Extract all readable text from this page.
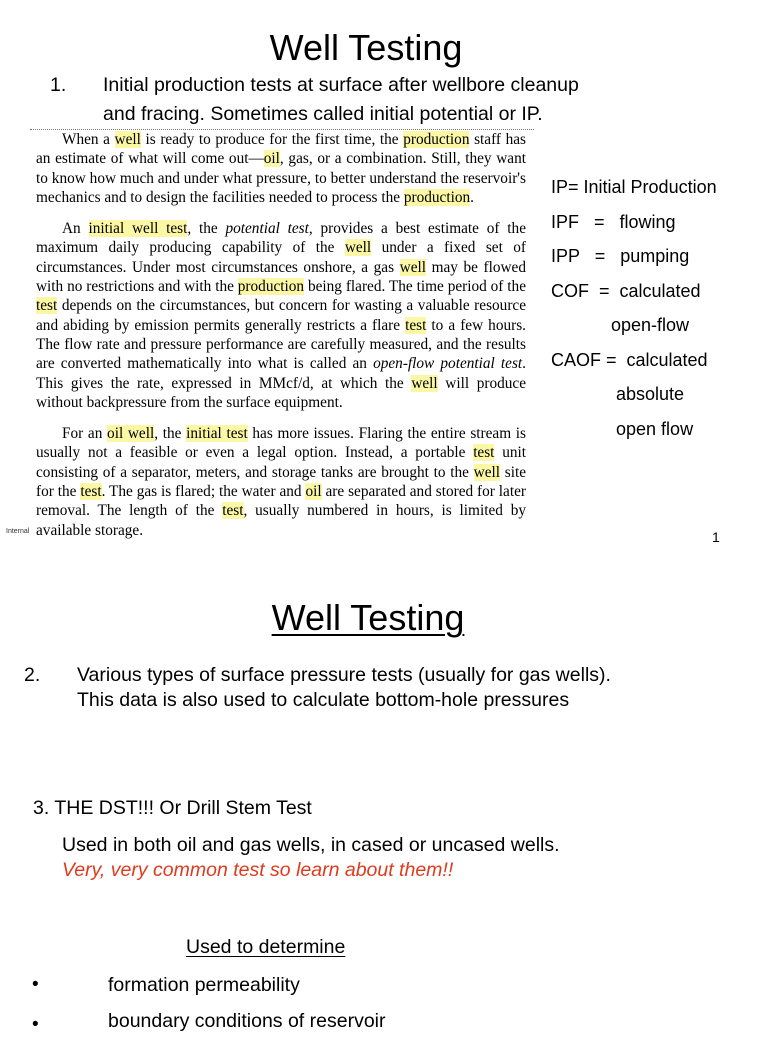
Well Testing
1.	Initial production tests at surface after wellbore cleanup
and fracing. Sometimes called initial potential or IP.

When a well is ready to produce for the first time, the production staff has an estimate of what will come out—oil, gas, or a combination. Still, they want to know how much and under what pressure, to better understand the reservoir's mechanics and to design the facilities needed to process the production.

An initial well test, the potential test, provides a best estimate of the maximum daily producing capability of the well under a fixed set of circumstances. Under most circumstances onshore, a gas well may be flowed with no restrictions and with the production being flared. The time period of the test depends on the circumstances, but concern for wasting a valuable resource and abiding by emission permits generally restricts a flare test to a few hours. The flow rate and pressure performance are carefully measured, and the results are converted mathematically into what is called an open-flow potential test. This gives the rate, expressed in MMcf/d, at which the well will produce without backpressure from the surface equipment.

For an oil well, the initial test has more issues. Flaring the entire stream is usually not a feasible or even a legal option. Instead, a portable test unit consisting of a separator, meters, and storage tanks are brought to the well site for the test. The gas is flared; the water and oil are separated and stored for later removal. The length of the test, usually numbered in hours, is limited by available storage.

IP= Initial Production
IPF   =   flowing
IPP   =   pumping
COF  =  calculated
open-flow
CAOF =  calculated
absolute
open flow
Internal	1
Well Testing
2.	Various types of surface pressure tests (usually for gas wells).
This data is also used to calculate bottom-hole pressures
3. THE DST!!! Or Drill Stem Test
Used in both oil and gas wells, in cased or uncased wells.
Very, very common test so learn about them!!
Used to determine
•	formation permeability
•	boundary conditions of reservoir
